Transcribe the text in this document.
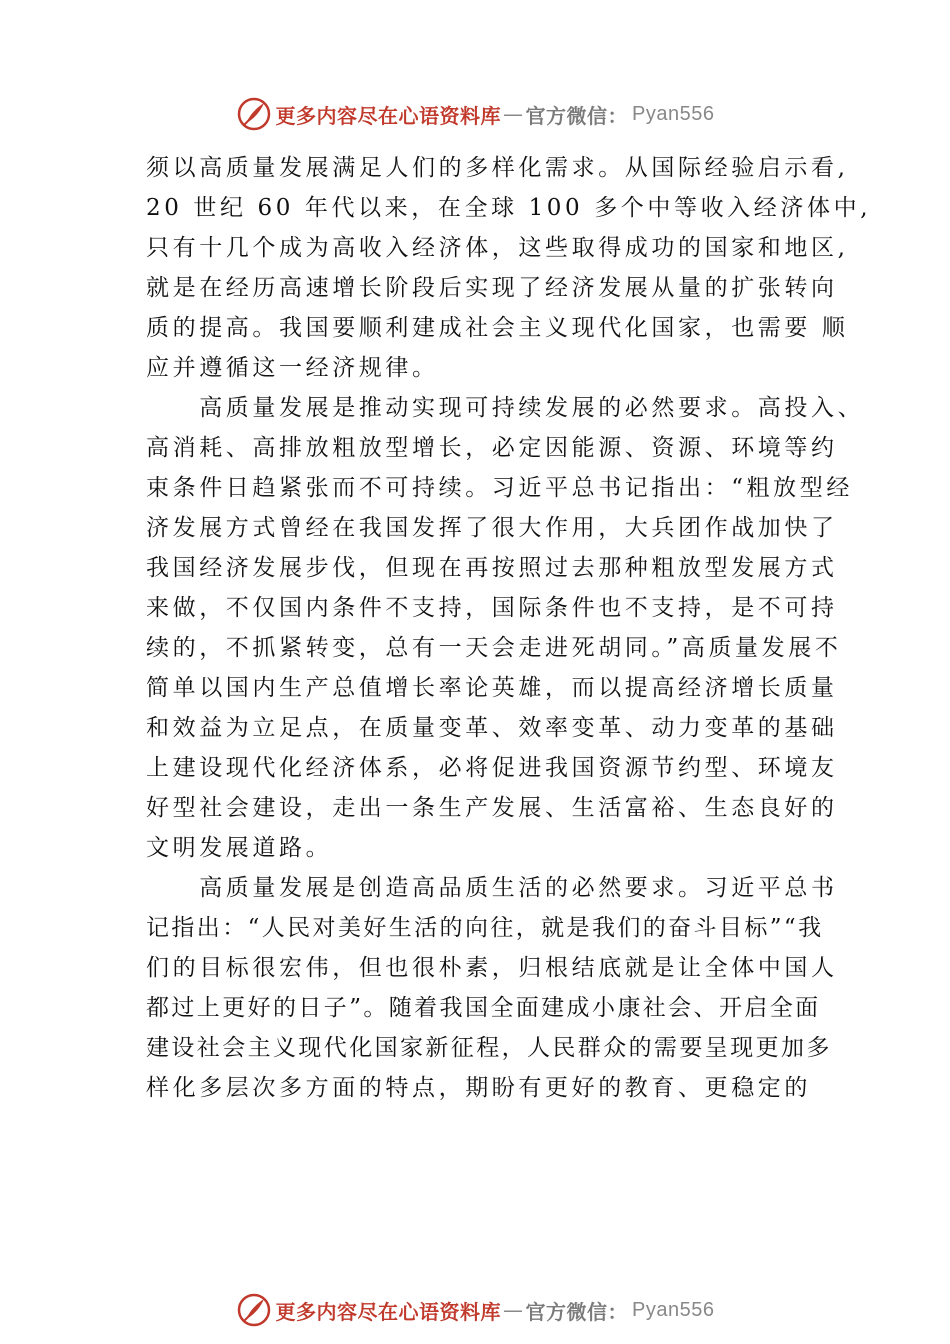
更多内容尽在心语资料库 — 官方微信： Pyan556
须以高质量发展满足人们的多样化需求。从国际经验启示看,
20 世纪 60 年代以来，在全球 100 多个中等收入经济体中,
只有十几个成为高收入经济体，这些取得成功的国家和地区,
就是在经历高速增长阶段后实现了经济发展从量的扩张转向
质的提高。我国要顺利建成社会主义现代化国家，也需要 顺
应并遵循这一经济规律。
　　高质量发展是推动实现可持续发展的必然要求。高投入、
高消耗、高排放粗放型增长，必定因能源、资源、环境等约
束条件日趋紧张而不可持续。习近平总书记指出：“粗放型经
济发展方式曾经在我国发挥了很大作用，大兵团作战加快了
我国经济发展步伐，但现在再按照过去那种粗放型发展方式
来做，不仅国内条件不支持，国际条件也不支持，是不可持
续的，不抓紧转变，总有一天会走进死胡同。”高质量发展不
简单以国内生产总值增长率论英雄，而以提高经济增长质量
和效益为立足点，在质量变革、效率变革、动力变革的基础
上建设现代化经济体系，必将促进我国资源节约型、环境友
好型社会建设，走出一条生产发展、生活富裕、生态良好的
文明发展道路。
　　高质量发展是创造高品质生活的必然要求。习近平总书
记指出：“人民对美好生活的向往，就是我们的奋斗目标”“我
们的目标很宏伟，但也很朴素，归根结底就是让全体中国人
都过上更好的日子”。随着我国全面建成小康社会、开启全面
建设社会主义现代化国家新征程，人民群众的需要呈现更加多
样化多层次多方面的特点，期盼有更好的教育、更稳定的
更多内容尽在心语资料库 — 官方微信： Pyan556
